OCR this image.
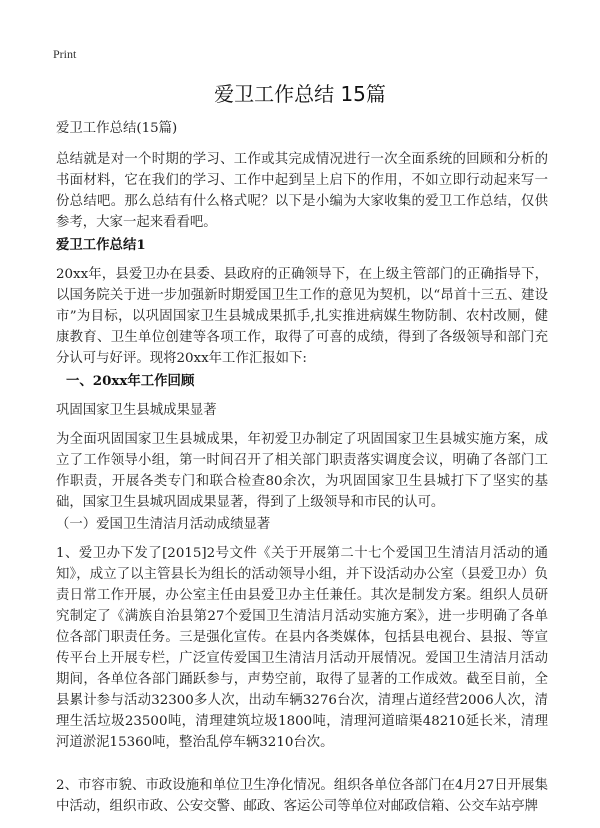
Print
爱卫工作总结 15篇

爱卫工作总结(15篇)

总结就是对一个时期的学习、工作或其完成情况进行一次全面系统的回顾和分析的书面材料，它在我们的学习、工作中起到呈上启下的作用，不如立即行动起来写一份总结吧。那么总结有什么格式呢？以下是小编为大家收集的爱卫工作总结，仅供参考，大家一起来看看吧。

爱卫工作总结1

20xx年，县爱卫办在县委、县政府的正确领导下，在上级主管部门的正确指导下，以国务院关于进一步加强新时期爱国卫生工作的意见为契机，以“昂首十三五、建设市”为目标，以巩固国家卫生县城成果抓手,扎实推进病媒生物防制、农村改厕，健康教育、卫生单位创建等各项工作，取得了可喜的成绩，得到了各级领导和部门充分认可与好评。现将20xx年工作汇报如下:

一、20xx年工作回顾

巩固国家卫生县城成果显著

为全面巩固国家卫生县城成果，年初爱卫办制定了巩固国家卫生县城实施方案，成立了工作领导小组，第一时间召开了相关部门职责落实调度会议，明确了各部门工作职责，开展各类专门和联合检查80余次，为巩固国家卫生县城打下了坚实的基础，国家卫生县城巩固成果显著，得到了上级领导和市民的认可。

（一）爱国卫生清洁月活动成绩显著

1、爱卫办下发了[2015]2号文件《关于开展第二十七个爱国卫生清洁月活动的通知》，成立了以主管县长为组长的活动领导小组，并下设活动办公室（县爱卫办）负责日常工作开展，办公室主任由县爱卫办主任兼任。其次是制发方案。组织人员研究制定了《满族自治县第27个爱国卫生清洁月活动实施方案》，进一步明确了各单位各部门职责任务。三是强化宣传。在县内各类媒体，包括县电视台、县报、等宣传平台上开展专栏，广泛宣传爱国卫生清洁月活动开展情况。爱国卫生清洁月活动期间，各单位各部门踊跃参与，声势空前，取得了显著的工作成效。截至目前，全县累计参与活动32300多人次，出动车辆3276台次，清理占道经营2006人次，清理生活垃圾23500吨，清理建筑垃圾1800吨，清理河道暗渠48210延长米，清理河道淤泥15360吨，整治乱停车辆3210台次。

2、市容市貌、市政设施和单位卫生净化情况。组织各单位各部门在4月27日开展集中活动，组织市政、公安交警、邮政、客运公司等单位对邮政信箱、公交车站亭牌
